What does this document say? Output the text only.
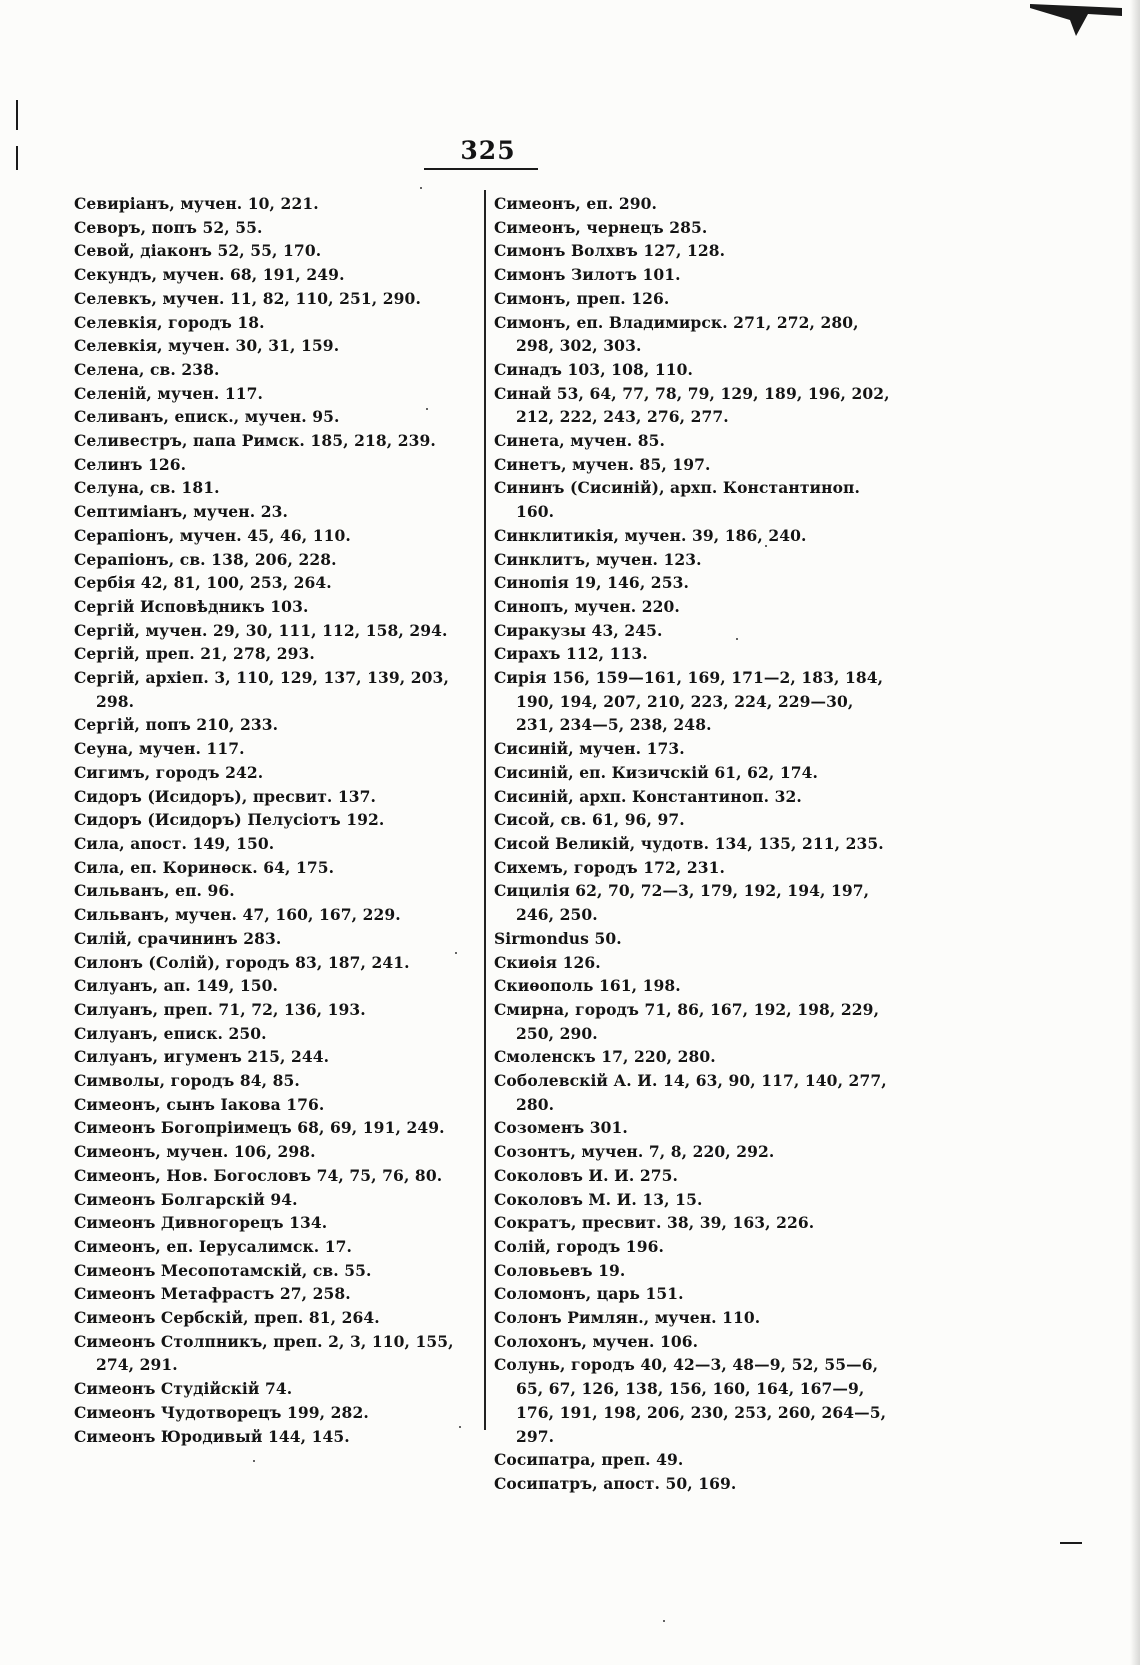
325
Севиріанъ, мучен. 10, 221.
Севоръ, попъ 52, 55.
Севой, діаконъ 52, 55, 170.
Секундъ, мучен. 68, 191, 249.
Селевкъ, мучен. 11, 82, 110, 251, 290.
Селевкія, городъ 18.
Селевкія, мучен. 30, 31, 159.
Селена, св. 238.
Селеній, мучен. 117.
Селиванъ, еписк., мучен. 95.
Селивестръ, папа Римск. 185, 218, 239.
Селинъ 126.
Селуна, св. 181.
Септиміанъ, мучен. 23.
Серапіонъ, мучен. 45, 46, 110.
Серапіонъ, св. 138, 206, 228.
Сербія 42, 81, 100, 253, 264.
Сергій Исповѣдникъ 103.
Сергій, мучен. 29, 30, 111, 112, 158, 294.
Сергій, преп. 21, 278, 293.
Сергій, архіеп. 3, 110, 129, 137, 139, 203, 298.
Сергій, попъ 210, 233.
Сеуна, мучен. 117.
Сигимъ, городъ 242.
Сидоръ (Исидоръ), пресвит. 137.
Сидоръ (Исидоръ) Пелусіотъ 192.
Сила, апост. 149, 150.
Сила, еп. Коринѳск. 64, 175.
Сильванъ, еп. 96.
Сильванъ, мучен. 47, 160, 167, 229.
Силій, срачининъ 283.
Силонъ (Солій), городъ 83, 187, 241.
Силуанъ, ап. 149, 150.
Силуанъ, преп. 71, 72, 136, 193.
Силуанъ, еписк. 250.
Силуанъ, игуменъ 215, 244.
Символы, городъ 84, 85.
Симеонъ, сынъ Іакова 176.
Симеонъ Богопріимецъ 68, 69, 191, 249.
Симеонъ, мучен. 106, 298.
Симеонъ, Нов. Богословъ 74, 75, 76, 80.
Симеонъ Болгарскій 94.
Симеонъ Дивногорецъ 134.
Симеонъ, еп. Іерусалимск. 17.
Симеонъ Месопотамскій, св. 55.
Симеонъ Метафрастъ 27, 258.
Симеонъ Сербскій, преп. 81, 264.
Симеонъ Столпникъ, преп. 2, 3, 110, 155, 274, 291.
Симеонъ Студійскій 74.
Симеонъ Чудотворецъ 199, 282.
Симеонъ Юродивый 144, 145.
Симеонъ, еп. 290.
Симеонъ, чернецъ 285.
Симонъ Волхвъ 127, 128.
Симонъ Зилотъ 101.
Симонъ, преп. 126.
Симонъ, еп. Владимирск. 271, 272, 280, 298, 302, 303.
Синадъ 103, 108, 110.
Синай 53, 64, 77, 78, 79, 129, 189, 196, 202, 212, 222, 243, 276, 277.
Синета, мучен. 85.
Синетъ, мучен. 85, 197.
Сининъ (Сисиній), архп. Константиноп. 160.
Синклитикія, мучен. 39, 186, 240.
Синклитъ, мучен. 123.
Синопія 19, 146, 253.
Синопъ, мучен. 220.
Сиракузы 43, 245.
Сирахъ 112, 113.
Сирія 156, 159—161, 169, 171—2, 183, 184, 190, 194, 207, 210, 223, 224, 229—30, 231, 234—5, 238, 248.
Сисиній, мучен. 173.
Сисиній, еп. Кизичскій 61, 62, 174.
Сисиній, архп. Константинoп. 32.
Сисой, св. 61, 96, 97.
Сисой Великій, чудотв. 134, 135, 211, 235.
Сихемъ, городъ 172, 231.
Сицилія 62, 70, 72—3, 179, 192, 194, 197, 246, 250.
Sirmondus 50.
Скиѳія 126.
Скиѳополь 161, 198.
Смирна, городъ 71, 86, 167, 192, 198, 229, 250, 290.
Смоленскъ 17, 220, 280.
Соболевскій А. И. 14, 63, 90, 117, 140, 277, 280.
Созоменъ 301.
Созонтъ, мучен. 7, 8, 220, 292.
Соколовъ И. И. 275.
Соколовъ М. И. 13, 15.
Сократъ, пресвит. 38, 39, 163, 226.
Солій, городъ 196.
Соловьевъ 19.
Соломонъ, царь 151.
Солонъ Римлян., мучен. 110.
Солохонъ, мучен. 106.
Солунь, городъ 40, 42—3, 48—9, 52, 55—6, 65, 67, 126, 138, 156, 160, 164, 167—9, 176, 191, 198, 206, 230, 253, 260, 264—5, 297.
Сосипатра, преп. 49.
Сосипатръ, апост. 50, 169.
